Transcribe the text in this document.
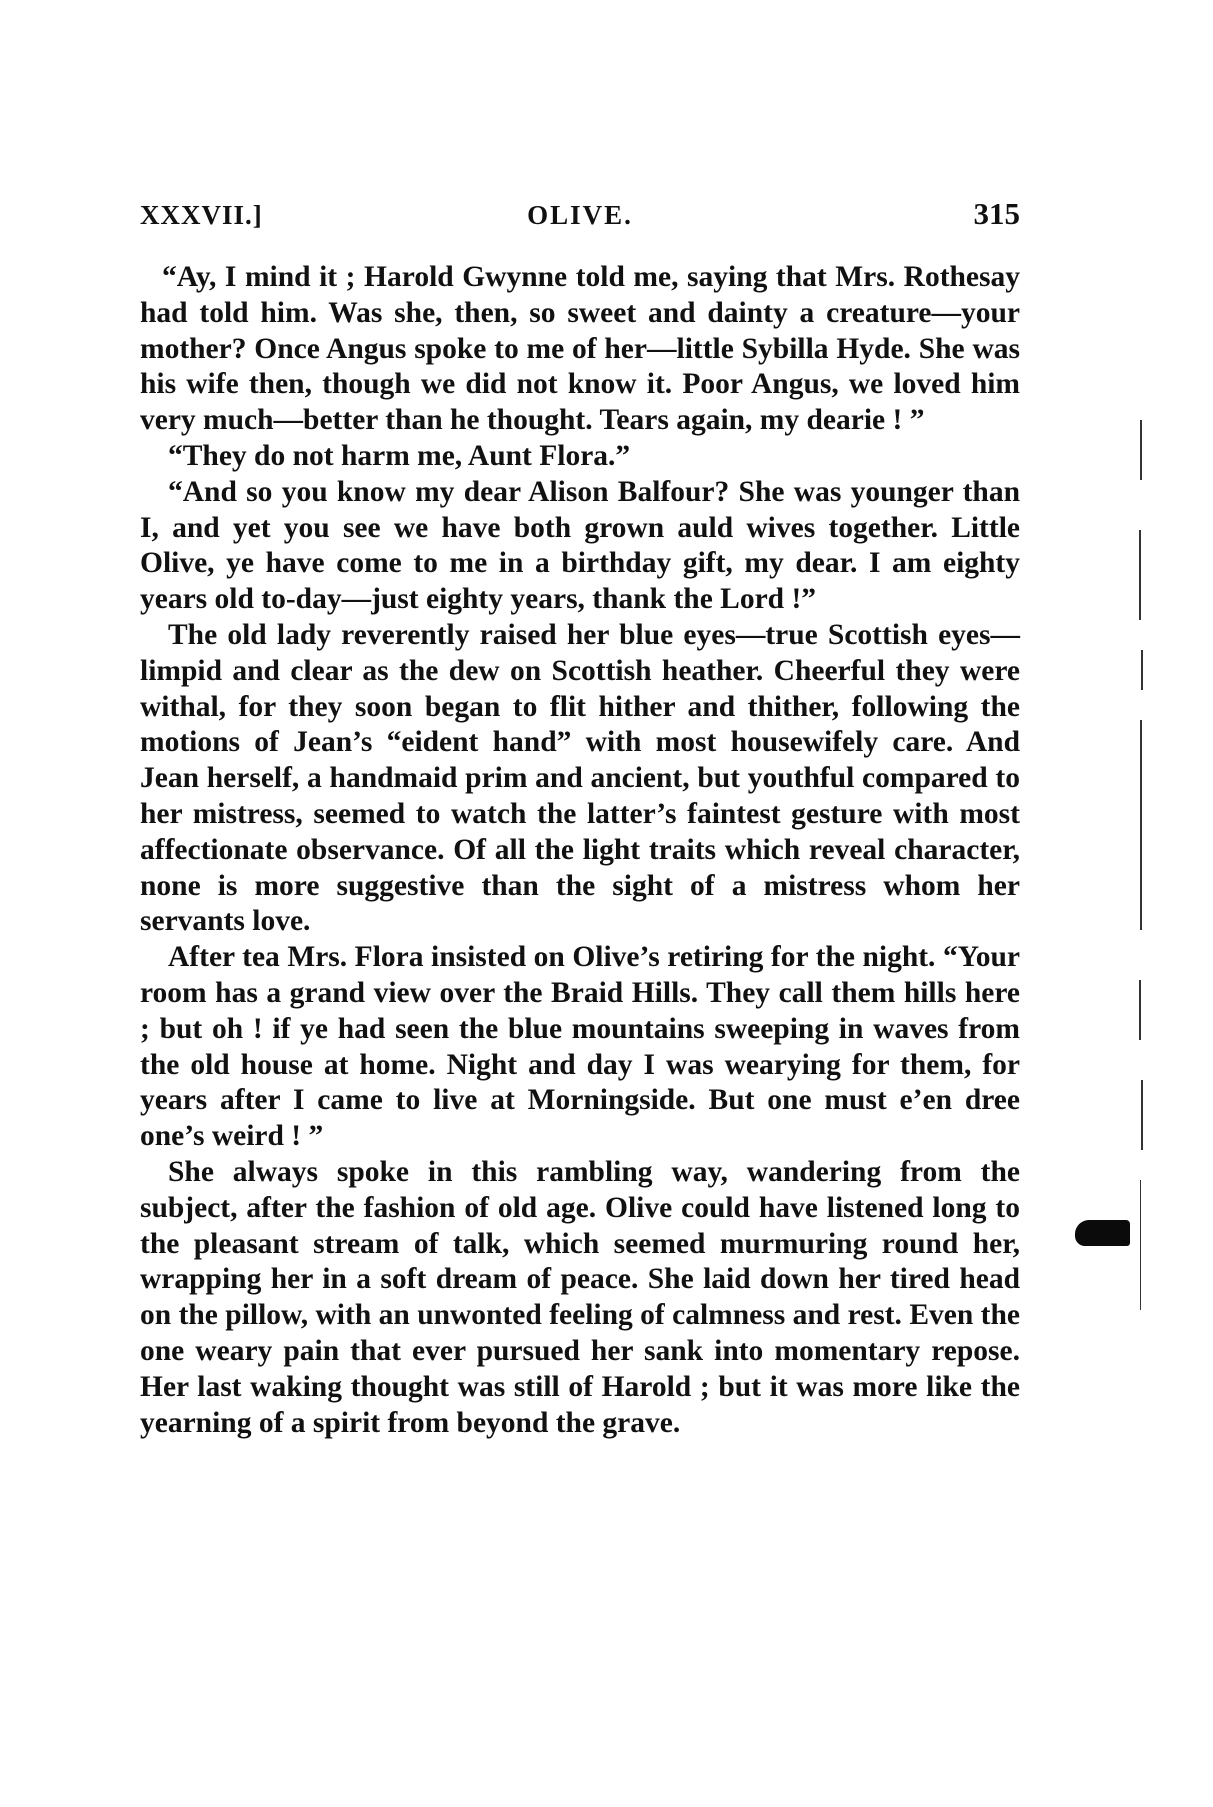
XXXVII.]	OLIVE.	315

“Ay, I mind it ; Harold Gwynne told me, saying that Mrs. Rothesay had told him. Was she, then, so sweet and dainty a creature—your mother? Once Angus spoke to me of her—little Sybilla Hyde. She was his wife then, though we did not know it. Poor Angus, we loved him very much—better than he thought. Tears again, my dearie ! ”

“They do not harm me, Aunt Flora.”

“And so you know my dear Alison Balfour? She was younger than I, and yet you see we have both grown auld wives together. Little Olive, ye have come to me in a birthday gift, my dear. I am eighty years old to-day—just eighty years, thank the Lord !”

The old lady reverently raised her blue eyes—true Scottish eyes—limpid and clear as the dew on Scottish heather. Cheerful they were withal, for they soon began to flit hither and thither, following the motions of Jean’s “eident hand” with most housewifely care. And Jean herself, a handmaid prim and ancient, but youthful compared to her mistress, seemed to watch the latter’s faintest gesture with most affectionate observance. Of all the light traits which reveal character, none is more suggestive than the sight of a mistress whom her servants love.

After tea Mrs. Flora insisted on Olive’s retiring for the night. “Your room has a grand view over the Braid Hills. They call them hills here ; but oh ! if ye had seen the blue mountains sweeping in waves from the old house at home. Night and day I was wearying for them, for years after I came to live at Morningside. But one must e’en dree one’s weird ! ”

She always spoke in this rambling way, wandering from the subject, after the fashion of old age. Olive could have listened long to the pleasant stream of talk, which seemed murmuring round her, wrapping her in a soft dream of peace. She laid down her tired head on the pillow, with an unwonted feeling of calmness and rest. Even the one weary pain that ever pursued her sank into momentary repose. Her last waking thought was still of Harold ; but it was more like the yearning of a spirit from beyond the grave.
